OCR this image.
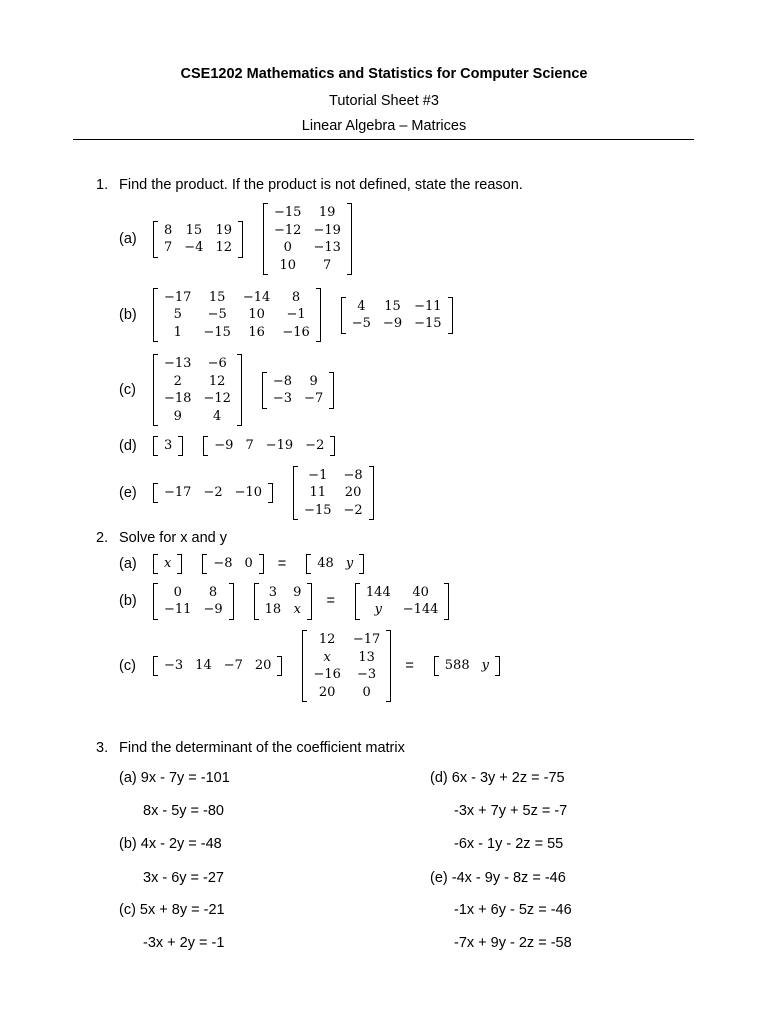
CSE1202 Mathematics and Statistics for Computer Science
Tutorial Sheet #3
Linear Algebra – Matrices
1. Find the product. If the product is not defined, state the reason.
(a)
8	15	19
7	−4	12
−15	19
−12	−19
0	−13
10	7
(b)
−17	15	−14	8
5	−5	10	−1
1	−15	16	−16
4	15	−11
−5	−9	−15
(c)
−13	−6
2	12
−18	−12
9	4
−8	9
−3	−7
(d)	3	−9	7	−19	−2
(e)	−17	−2	−10
−1	−8
11	20
−15	−2
2. Solve for x and y
(a)	x	−8	0 = 48	y
(b)
0	8
−11	−9
3	9
18	x
=
144	40
y	−144
(c)	−3	14	−7	20
12	−17
x	13
−16	−3
20	0
= 588	y
3. Find the determinant of the coefficient matrix
(a) 9x - 7y = -101
8x - 5y = -80
(b) 4x - 2y = -48
3x - 6y = -27
(c) 5x + 8y = -21
-3x + 2y = -1
(d) 6x - 3y + 2z = -75
-3x + 7y + 5z = -7
-6x - 1y - 2z = 55
(e) -4x - 9y - 8z = -46
-1x + 6y - 5z = -46
-7x + 9y - 2z = -58
